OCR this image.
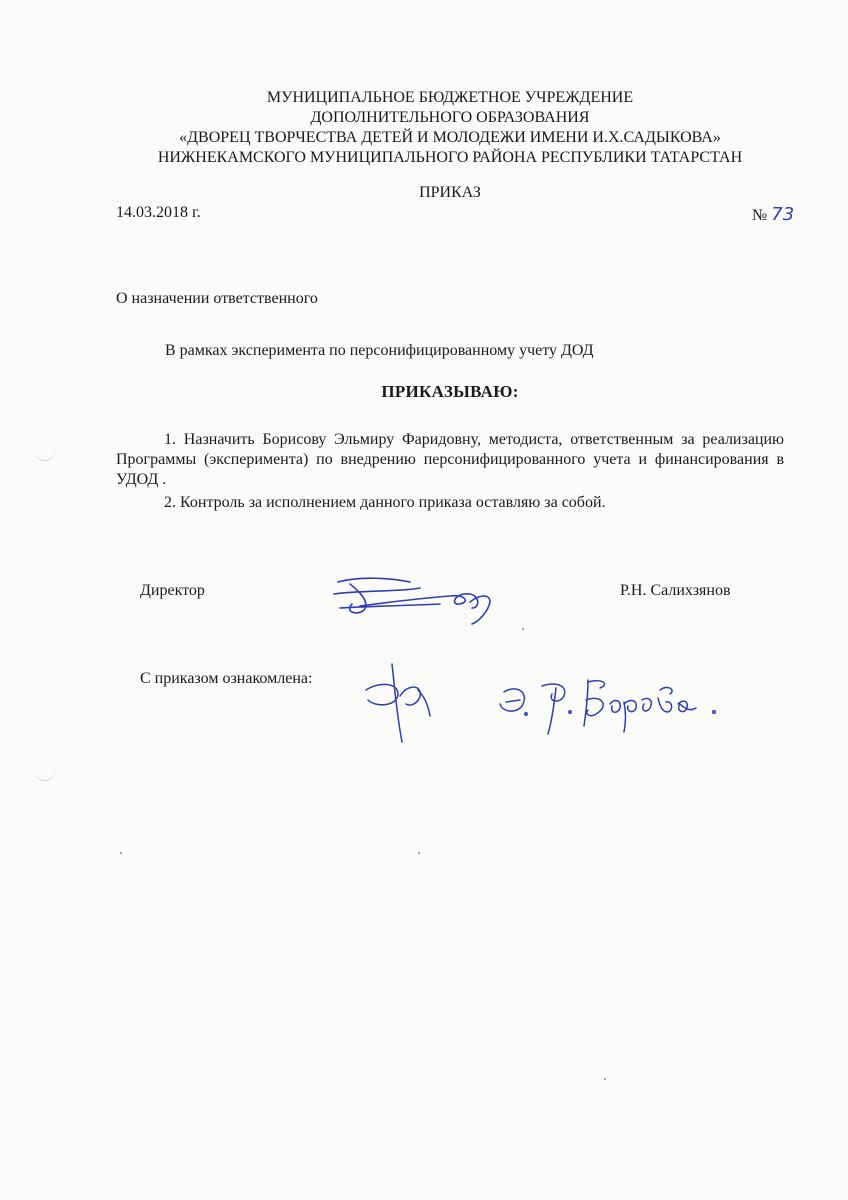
МУНИЦИПАЛЬНОЕ БЮДЖЕТНОЕ УЧРЕЖДЕНИЕ
ДОПОЛНИТЕЛЬНОГО ОБРАЗОВАНИЯ
«ДВОРЕЦ ТВОРЧЕСТВА ДЕТЕЙ И МОЛОДЕЖИ ИМЕНИ И.Х.САДЫКОВА»
НИЖНЕКАМСКОГО МУНИЦИПАЛЬНОГО РАЙОНА РЕСПУБЛИКИ ТАТАРСТАН
ПРИКАЗ
14.03.2018 г.	№ 73
О назначении ответственного
В рамках эксперимента по персонифицированному учету ДОД
ПРИКАЗЫВАЮ:
1. Назначить Борисову Эльмиру Фаридовну, методиста, ответственным за реализацию Программы (эксперимента) по внедрению персонифицированного учета и финансирования в УДОД .
2. Контроль за исполнением данного приказа оставляю за собой.
Директор	Р.Н. Салихзянов
С приказом ознакомлена:
